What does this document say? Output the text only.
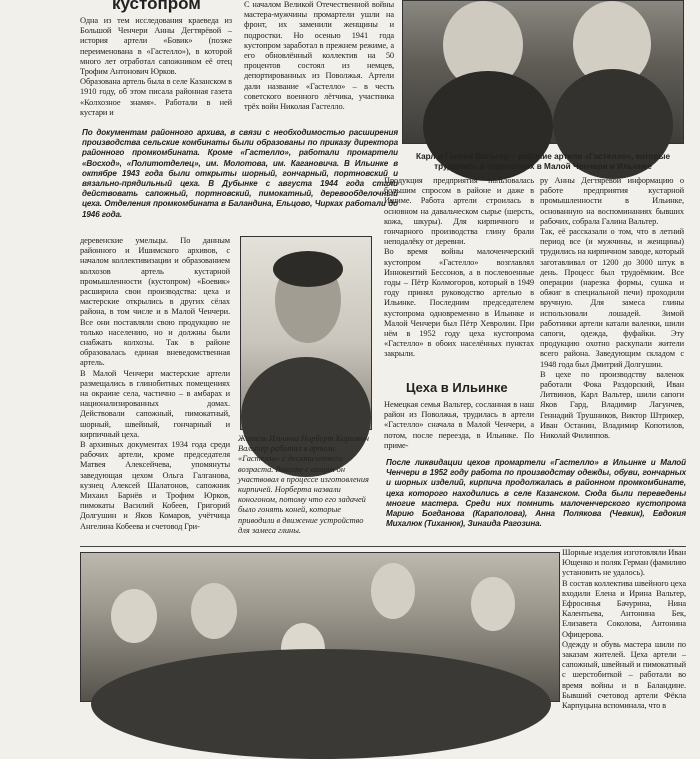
кустопром
Одна из тем исследования краеведа из Большой Ченчери Анны Дегтярёвой – история артели «Бовик» (позже переименована в «Гастелло»), в которой много лет отработал сапожником её отец Трофим Антонович Юрков.
Образована артель была в селе Казанском в 1910 году, об этом писала районная газета «Колхозное знамя». Работали в ней кустари и
С началом Великой Отечественной войны мастера-мужчины промартели ушли на фронт, их заменили женщины и подростки. Но осенью 1941 года кустопром заработал в прежнем режиме, а его обновлённый коллектив на 50 процентов состоял из немцев, депортированных из Поволжья. Артели дали название «Гастелло» – в честь советского военного лётчика, участника трёх войн Николая Гастелло.
Карл и Гелена Вальтер – рабочие артели «Гастелло», которые трудились в отделениях в Малой Ченчери и Ильинке
По документам районного архива, в связи с необходимостью расширения производства сельские комбинаты были образованы по приказу директора районного промкомбината. Кроме «Гастелло», работали промартели «Восход», «Политотделец», им. Молотова, им. Кагановича. В Ильинке в октябре 1943 года были открыты шорный, гончарный, портновский и вязально-прядильный цеха. В Дубынке с августа 1944 года стали действовать сапожный, портновский, пимокатный, деревообделочный цеха. Отделения промкомбината в Баландина, Ельцово, Чирках работали до 1946 года.
деревенские умельцы. По данным районного и Ишимского архивов, с началом коллективизации и образованием колхозов артель кустарной промышленности (кустопром) «Боевик» расширила свои производства: цеха и мастерские открылись в других сёлах района, в том числе и в Малой Ченчери. Все они поставляли свою продукцию не только населению, но и должны были снабжать колхозы. Так в районе образовалась единая вневедомственная артель.
В Малой Ченчери мастерские артели размещались в глинобитных помещениях на окраине села, частично – в амбарах и национализированных домах. Действовали сапожный, пимокатный, шорный, швейный, гончарный и кирпичный цеха.
В архивных документах 1934 года среди рабочих артели, кроме председателя Матвея Алексейчева, упомянуты заведующая цехом Ольга Галганова, кузнец Алексей Шалатонов, сапожник Михаил Барнёв и Трофим Юрков, пимокаты Василий Кобеев, Григорий Долгушин и Яков Комаров, учётчица Ангелина Кобеева и счетовод Гри-
Житель Ильинки Норберт Карлович Вальтер работал в артели «Гастелло» с десятилетнего возраста. Вместе с отцом он участвовал в процессе изготовления кирпичей. Норберта назвали коногоном, потому что его задачей было гонять коней, которые приводили в движение устройство для замеса глины.
Продукция предприятия пользовалась большим спросом в районе и даже в Ишиме. Работа артели строилась в основном на давальческом сырье (шерсть, кожа, шкуры). Для кирпичного и гончарного производства глину брали неподалёку от деревни.
Во время войны малоченчерский кустопром «Гастелло» возглавлял Иннокентий Бессонов, а в послевоенные годы – Пётр Колмогоров, который в 1949 году принял руководство артелью в Ильинке. Последним председателем кустопрома одновременно в Ильинке и Малой Ченчери был Пётр Хевролин. При нём в 1952 году цеха кустопрома «Гастелло» в обоих населённых пунктах закрыли.
Цеха в Ильинке
Немецкая семья Вальтер, сосланная в наш район из Поволжья, трудилась в артели «Гастелло» сначала в Малой Ченчери, а потом, после переезда, в Ильинке. По приме-
ру Анны Дегтярёвой информацию о работе предприятия кустарной промышленности в Ильинке, основанную на воспоминаниях бывших рабочих, собрала Галина Вальтер.
Так, её рассказали о том, что в летний период все (и мужчины, и женщины) трудились на кирпичном заводе, который заготавливал от 1200 до 3000 штук в день. Процесс был трудоёмким. Все операции (нарезка формы, сушка и обжиг в специальной печи) проходили вручную. Для замеса глины использовали лошадей. Зимой работники артели катали валенки, шили сапоги, одежда, фуфайки. Эту продукцию охотно раскупали жители всего района. Заведующим складом с 1948 года был Дмитрий Долгушин.
В цехе по производству валенок работали Фока Раздорский, Иван Литвинов, Карл Вальтер, шили сапоги Яков Гард, Владимир Лагунчев, Геннадий Трушников, Виктор Штрикер, Иван Останин, Владимир Копотилов, Николай Филиппов.
После ликвидации цехов промартели «Гастелло» в Ильинке и Малой Ченчери в 1952 году работа по производству одежды, обуви, гончарных и шорных изделий, кирпича продолжалась в районном промкомбинате, цеха которого находились в селе Казанском. Сюда были переведены многие мастера. Среди них помнить малоченчерского кустопрома Марию Богданова (Караполова), Анна Полякова (Чевкик), Евдокия Михалюк (Тиханюк), Зинаида Рагозина.
Шорные изделия изготовляли Иван Ющенко и поляк Герман (фамилию установить не удалось).
В состав коллектива швейного цеха входили Елена и Ирина Вальтер, Ефросинья Бачурина, Нина Калентьева, Антонина Бек, Елизавета Соколова, Антонина Офицерова.
Одежду и обувь мастера шили по заказам жителей. Цеха артели – сапожный, швейный и пимокатный с шерстобиткой – работали во время войны и в Баландине. Бывший счетовод артели Фёкла Карпуцына вспоминала, что в
